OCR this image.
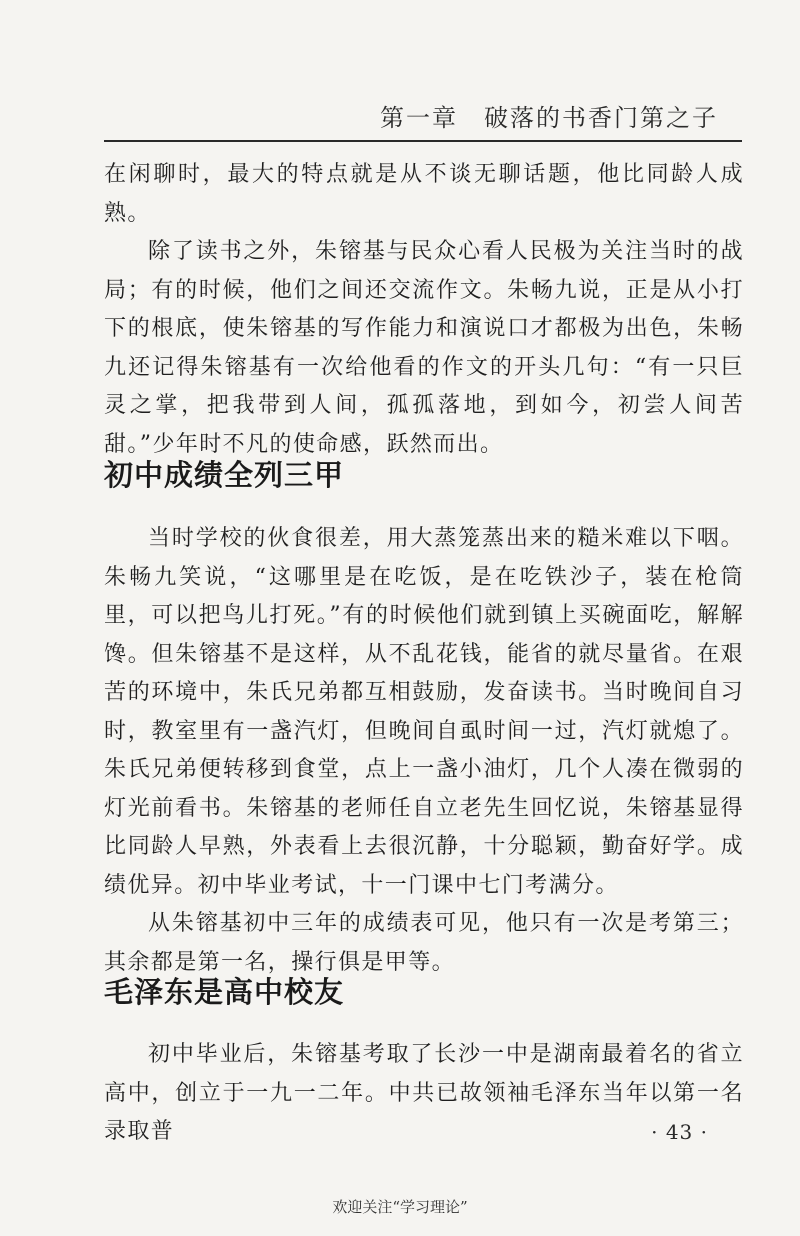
第一章　破落的书香门第之子

在闲聊时，最大的特点就是从不谈无聊话题，他比同龄人成熟。

除了读书之外，朱镕基与民众心看人民极为关注当时的战局；有的时候，他们之间还交流作文。朱畅九说，正是从小打下的根底，使朱镕基的写作能力和演说口才都极为出色，朱畅九还记得朱镕基有一次给他看的作文的开头几句：“有一只巨灵之掌，把我带到人间，孤孤落地，到如今，初尝人间苦甜。”少年时不凡的使命感，跃然而出。

初中成绩全列三甲

当时学校的伙食很差，用大蒸笼蒸出来的糙米难以下咽。朱畅九笑说，“这哪里是在吃饭，是在吃铁沙子，装在枪筒里，可以把鸟儿打死。”有的时候他们就到镇上买碗面吃，解解馋。但朱镕基不是这样，从不乱花钱，能省的就尽量省。在艰苦的环境中，朱氏兄弟都互相鼓励，发奋读书。当时晚间自习时，教室里有一盏汽灯，但晚间自虱时间一过，汽灯就熄了。朱氏兄弟便转移到食堂，点上一盏小油灯，几个人凑在微弱的灯光前看书。朱镕基的老师任自立老先生回忆说，朱镕基显得比同龄人早熟，外表看上去很沉静，十分聪颖，勤奋好学。成绩优异。初中毕业考试，十一门课中七门考满分。

从朱镕基初中三年的成绩表可见，他只有一次是考第三；其余都是第一名，操行俱是甲等。

毛泽东是高中校友

初中毕业后，朱镕基考取了长沙一中是湖南最着名的省立高中，创立于一九一二年。中共已故领袖毛泽东当年以第一名录取普	· 43 ·
欢迎关注“学习理论”
